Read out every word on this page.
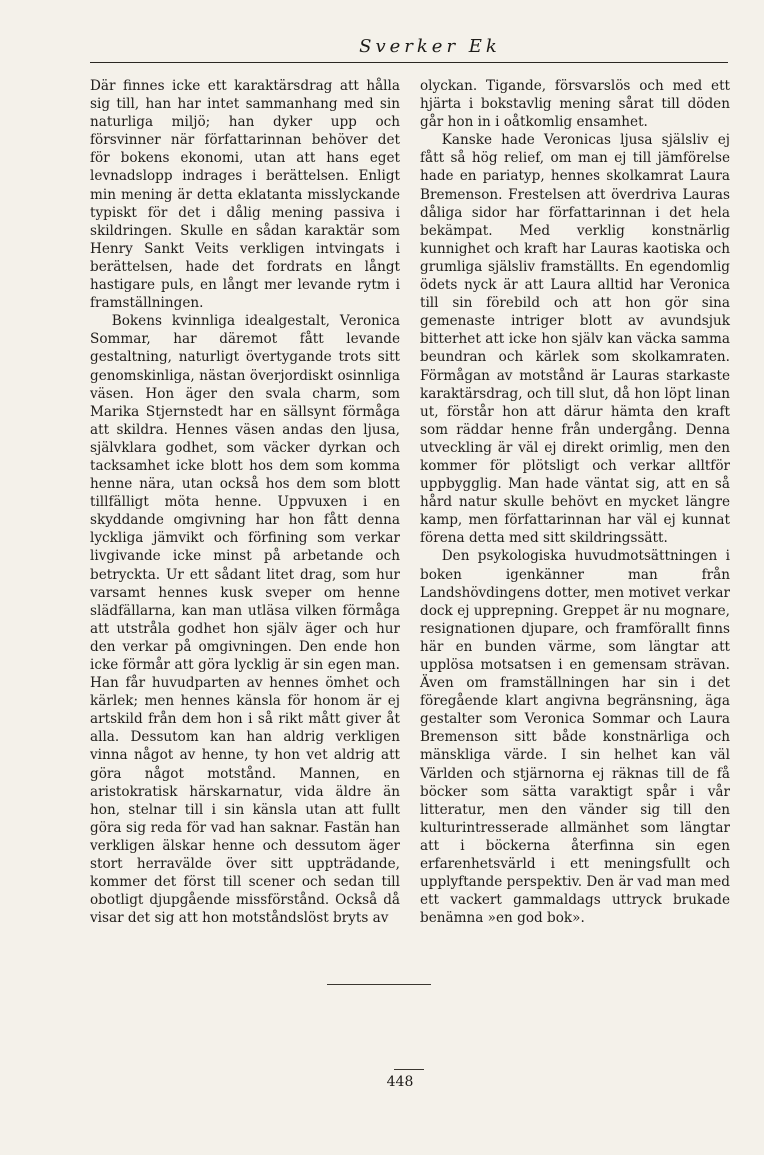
Sverker Ek

Där finnes icke ett karaktärsdrag att hålla sig till, han har intet sammanhang med sin naturliga miljö; han dyker upp och försvinner när författarinnan behöver det för bokens ekonomi, utan att hans eget levnadslopp indrages i berättelsen. Enligt min mening är detta eklatanta misslyckande typiskt för det i dålig mening passiva i skildringen. Skulle en sådan karaktär som Henry Sankt Veits verkligen intvingats i berättelsen, hade det fordrats en långt hastigare puls, en långt mer levande rytm i framställningen.

Bokens kvinnliga idealgestalt, Veronica Sommar, har däremot fått levande gestaltning, naturligt övertygande trots sitt genomskinliga, nästan överjordiskt osinnliga väsen. Hon äger den svala charm, som Marika Stjernstedt har en sällsynt förmåga att skildra. Hennes väsen andas den ljusa, självklara godhet, som väcker dyrkan och tacksamhet icke blott hos dem som komma henne nära, utan också hos dem som blott tillfälligt möta henne. Uppvuxen i en skyddande omgivning har hon fått denna lyckliga jämvikt och förfining som verkar livgivande icke minst på arbetande och betryckta. Ur ett sådant litet drag, som hur varsamt hennes kusk sveper om henne slädfällarna, kan man utläsa vilken förmåga att utstråla godhet hon själv äger och hur den verkar på omgivningen. Den ende hon icke förmår att göra lycklig är sin egen man. Han får huvudparten av hennes ömhet och kärlek; men hennes känsla för honom är ej artskild från dem hon i så rikt mått giver åt alla. Dessutom kan han aldrig verkligen vinna något av henne, ty hon vet aldrig att göra något motstånd. Mannen, en aristokratisk härskarnatur, vida äldre än hon, stelnar till i sin känsla utan att fullt göra sig reda för vad han saknar. Fastän han verkligen älskar henne och dessutom äger stort herravälde över sitt uppträdande, kommer det först till scener och sedan till obotligt djupgående missförstånd. Också då visar det sig att hon motståndslöst bryts av

olyckan. Tigande, försvarslös och med ett hjärta i bokstavlig mening sårat till döden går hon in i oåtkomlig ensamhet.

Kanske hade Veronicas ljusa själsliv ej fått så hög relief, om man ej till jämförelse hade en pariatyp, hennes skolkamrat Laura Bremenson. Frestelsen att överdriva Lauras dåliga sidor har författarinnan i det hela bekämpat. Med verklig konstnärlig kunnighet och kraft har Lauras kaotiska och grumliga själsliv framställts. En egendomlig ödets nyck är att Laura alltid har Veronica till sin förebild och att hon gör sina gemenaste intriger blott av avundsjuk bitterhet att icke hon själv kan väcka samma beundran och kärlek som skolkamraten. Förmågan av motstånd är Lauras starkaste karaktärsdrag, och till slut, då hon löpt linan ut, förstår hon att därur hämta den kraft som räddar henne från undergång. Denna utveckling är väl ej direkt orimlig, men den kommer för plötsligt och verkar alltför uppbygglig. Man hade väntat sig, att en så hård natur skulle behövt en mycket längre kamp, men författarinnan har väl ej kunnat förena detta med sitt skildringssätt.

Den psykologiska huvudmotsättningen i boken igenkänner man från Landshövdingens dotter, men motivet verkar dock ej upprepning. Greppet är nu mognare, resignationen djupare, och framförallt finns här en bunden värme, som längtar att upplösa motsatsen i en gemensam strävan. Även om framställningen har sin i det föregående klart angivna begränsning, äga gestalter som Veronica Sommar och Laura Bremenson sitt både konstnärliga och mänskliga värde. I sin helhet kan väl Världen och stjärnorna ej räknas till de få böcker som sätta varaktigt spår i vår litteratur, men den vänder sig till den kulturintresserade allmänhet som längtar att i böckerna återfinna sin egen erfarenhetsvärld i ett meningsfullt och upplyftande perspektiv. Den är vad man med ett vackert gammaldags uttryck brukade benämna »en god bok».

448
